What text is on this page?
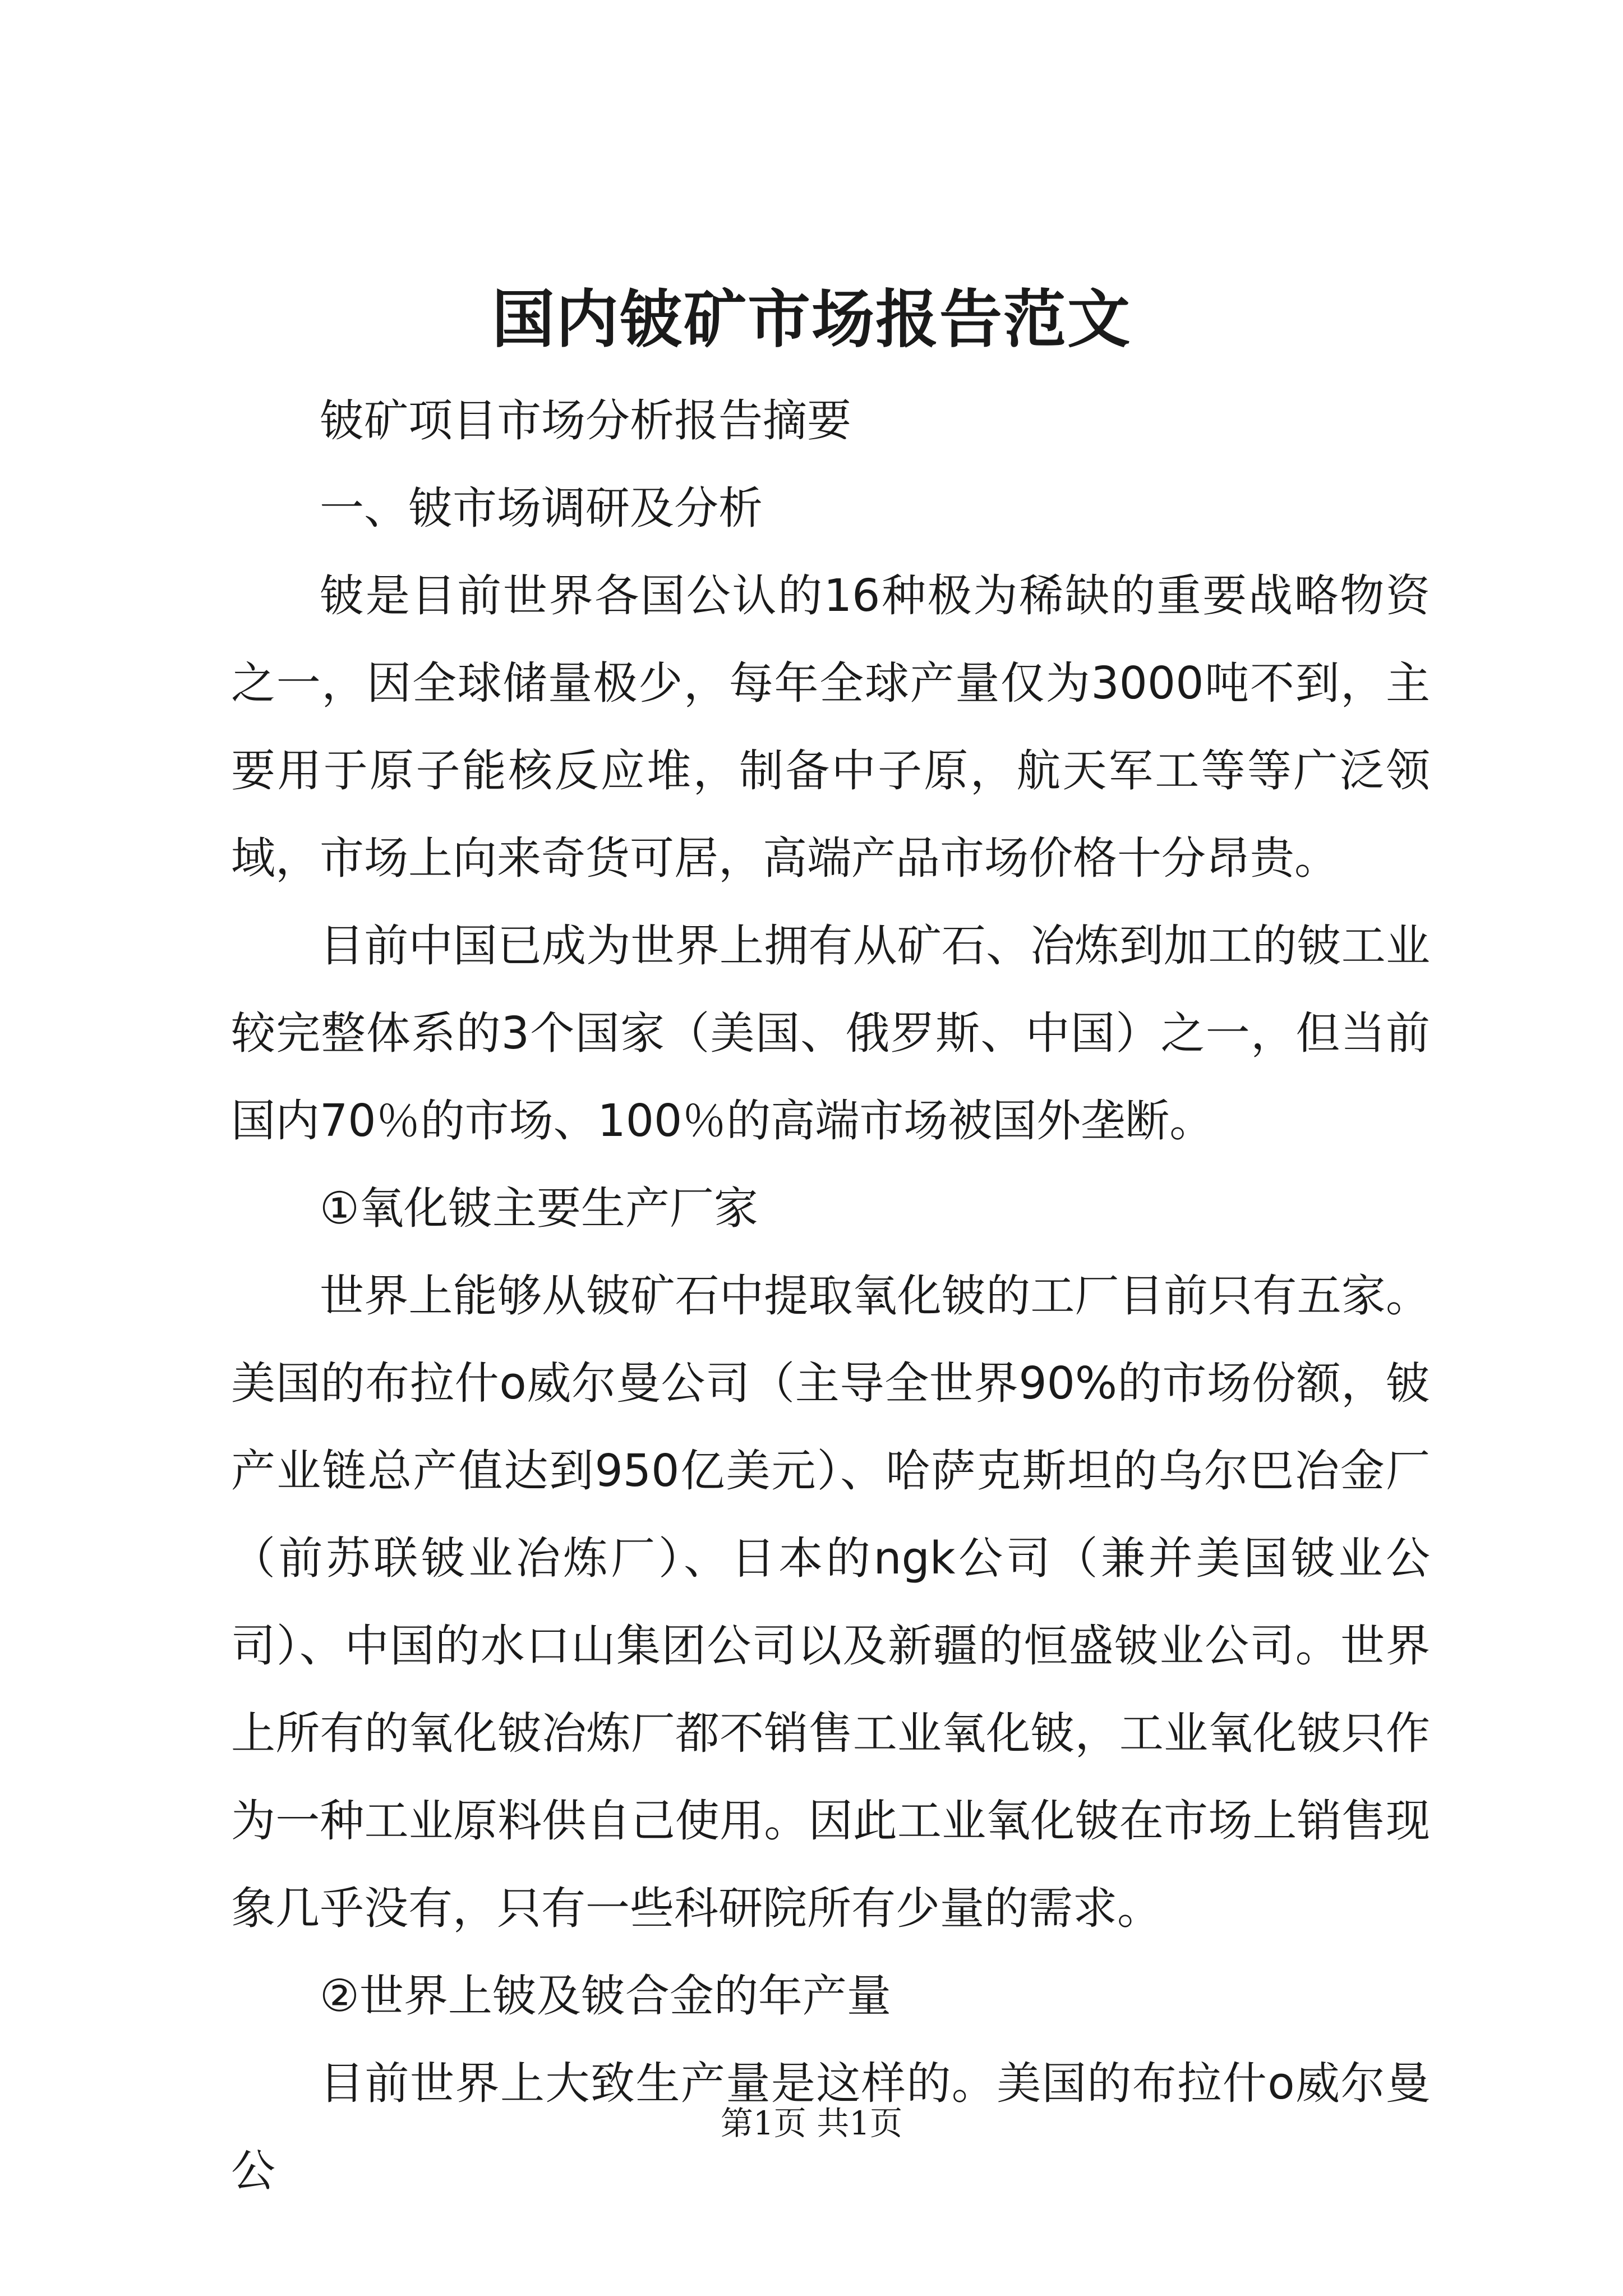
国内铍矿市场报告范文

铍矿项目市场分析报告摘要

一、铍市场调研及分析

铍是目前世界各国公认的16种极为稀缺的重要战略物资之一，因全球储量极少，每年全球产量仅为3000吨不到，主要用于原子能核反应堆，制备中子原，航天军工等等广泛领域，市场上向来奇货可居，高端产品市场价格十分昂贵。

目前中国已成为世界上拥有从矿石、冶炼到加工的铍工业较完整体系的3个国家（美国、俄罗斯、中国）之一，但当前国内70％的市场、100％的高端市场被国外垄断。

①氧化铍主要生产厂家

世界上能够从铍矿石中提取氧化铍的工厂目前只有五家。美国的布拉什o威尔曼公司（主导全世界90%的市场份额，铍产业链总产值达到950亿美元）、哈萨克斯坦的乌尔巴冶金厂（前苏联铍业冶炼厂）、日本的ngk公司（兼并美国铍业公司）、中国的水口山集团公司以及新疆的恒盛铍业公司。世界上所有的氧化铍冶炼厂都不销售工业氧化铍，工业氧化铍只作为一种工业原料供自己使用。因此工业氧化铍在市场上销售现象几乎没有，只有一些科研院所有少量的需求。

②世界上铍及铍合金的年产量

目前世界上大致生产量是这样的。美国的布拉什o威尔曼公

第1页 共1页
